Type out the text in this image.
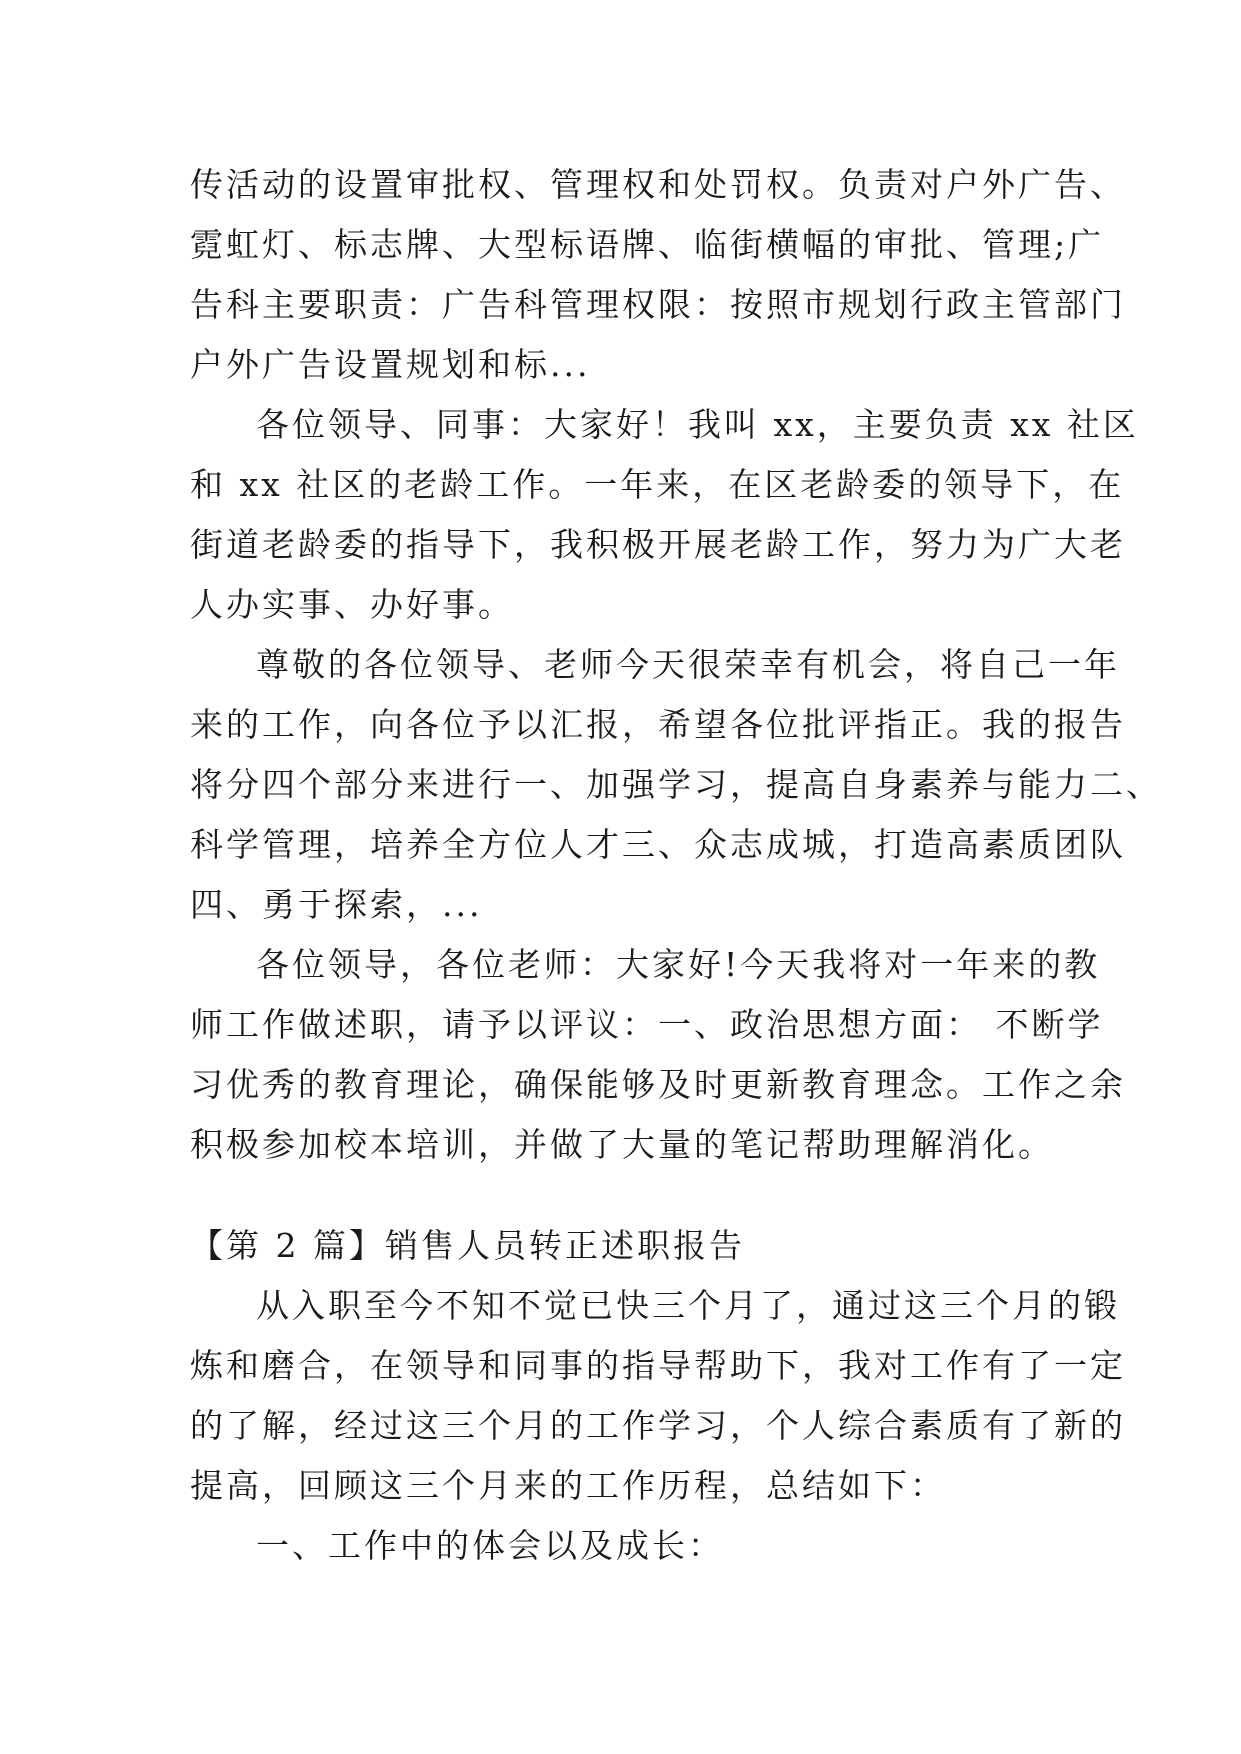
传活动的设置审批权、管理权和处罚权。负责对户外广告、
霓虹灯、标志牌、大型标语牌、临街横幅的审批、管理;广
告科主要职责：广告科管理权限：按照市规划行政主管部门
户外广告设置规划和标...
各位领导、同事：大家好！我叫 xx，主要负责 xx 社区
和 xx 社区的老龄工作。一年来，在区老龄委的领导下，在
街道老龄委的指导下，我积极开展老龄工作，努力为广大老
人办实事、办好事。
尊敬的各位领导、老师今天很荣幸有机会，将自己一年
来的工作，向各位予以汇报，希望各位批评指正。我的报告
将分四个部分来进行一、加强学习，提高自身素养与能力二、
科学管理，培养全方位人才三、众志成城，打造高素质团队
四、勇于探索，...
各位领导，各位老师：大家好!今天我将对一年来的教
师工作做述职，请予以评议：一、政治思想方面： 不断学
习优秀的教育理论，确保能够及时更新教育理念。工作之余
积极参加校本培训，并做了大量的笔记帮助理解消化。
【第 2 篇】销售人员转正述职报告
从入职至今不知不觉已快三个月了，通过这三个月的锻
炼和磨合，在领导和同事的指导帮助下，我对工作有了一定
的了解，经过这三个月的工作学习，个人综合素质有了新的
提高，回顾这三个月来的工作历程，总结如下：
一、工作中的体会以及成长：
